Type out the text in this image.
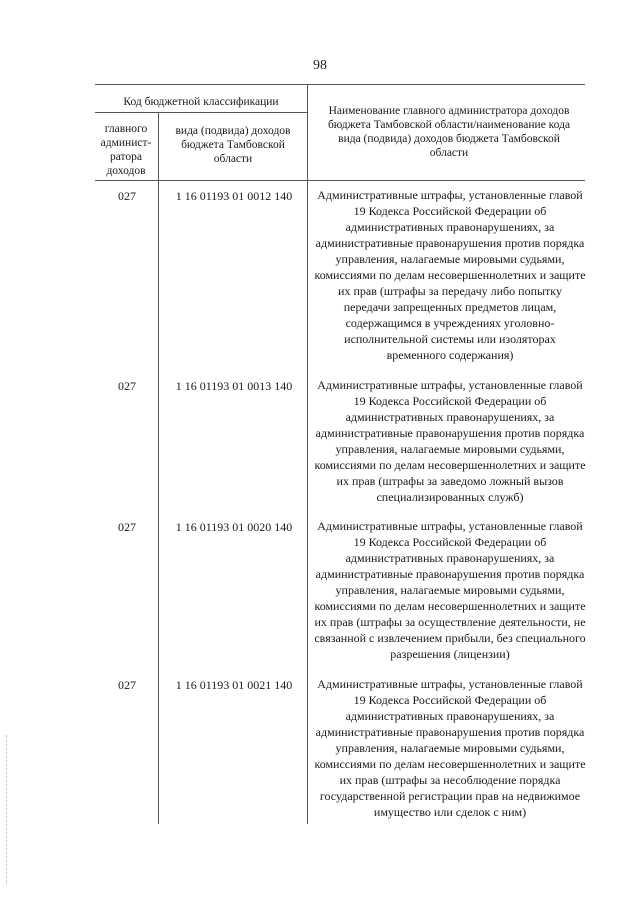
98
Код бюджетной классификации
главного админист-ратора доходов
вида (подвида) доходов бюджета Тамбовской области
Наименование главного администратора доходов бюджета Тамбовской области/наименование кода вида (подвида) доходов бюджета Тамбовской области
027	1 16 01193 01 0012 140	Административные штрафы, установленные главой 19 Кодекса Российской Федерации об административных правонарушениях, за административные правонарушения против порядка управления, налагаемые мировыми судьями, комиссиями по делам несовершеннолетних и защите их прав (штрафы за передачу либо попытку передачи запрещенных предметов лицам, содержащимся в учреждениях уголовно-исполнительной системы или изоляторах временного содержания)
027	1 16 01193 01 0013 140	Административные штрафы, установленные главой 19 Кодекса Российской Федерации об административных правонарушениях, за административные правонарушения против порядка управления, налагаемые мировыми судьями, комиссиями по делам несовершеннолетних и защите их прав (штрафы за заведомо ложный вызов специализированных служб)
027	1 16 01193 01 0020 140	Административные штрафы, установленные главой 19 Кодекса Российской Федерации об административных правонарушениях, за административные правонарушения против порядка управления, налагаемые мировыми судьями, комиссиями по делам несовершеннолетних и защите их прав (штрафы за осуществление деятельности, не связанной с извлечением прибыли, без специального разрешения (лицензии)
027	1 16 01193 01 0021 140	Административные штрафы, установленные главой 19 Кодекса Российской Федерации об административных правонарушениях, за административные правонарушения против порядка управления, налагаемые мировыми судьями, комиссиями по делам несовершеннолетних и защите их прав (штрафы за несоблюдение порядка государственной регистрации прав на недвижимое имущество или сделок с ним)
